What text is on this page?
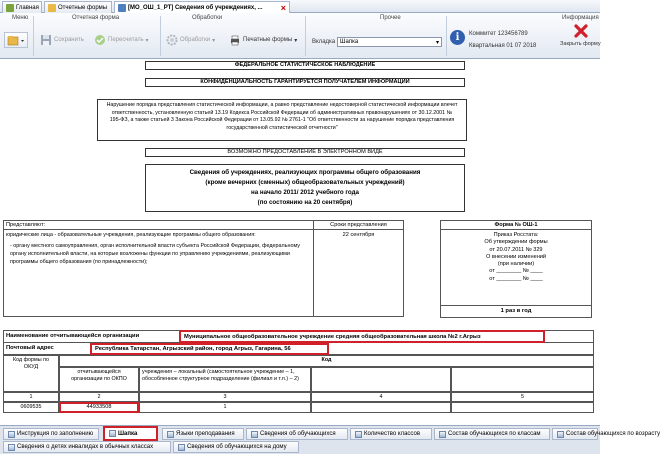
Главная	Отчетные формы	[МО_ОШ_1_РТ] Сведения об учреждениях, ...	×
Меню	Отчетная форма
Сохранить	Пересчитать ▾
Обработки
Обработки ▾	Печатные формы ▾
Прочее
Вкладка Шапка	▾
Информация
i	Коммитет 123456789
Квартальная 01 07 2018	Закрыть форму
ФЕДЕРАЛЬНОЕ СТАТИСТИЧЕСКОЕ НАБЛЮДЕНИЕ
КОНФИДЕНЦИАЛЬНОСТЬ ГАРАНТИРУЕТСЯ ПОЛУЧАТЕЛЕМ ИНФОРМАЦИИ
Нарушение порядка представления статистической информации, а равно представление недостоверной статистической информации влечет ответственность, установленную статьей 13.19 Кодекса Российской Федерации об административных правонарушениях от 30.12.2001 № 195-ФЗ, а также статьей 3 Закона Российской Федерации от 13.05.92 № 2761-1 "Об ответственности за нарушение порядка представления государственной статистической отчетности"
ВОЗМОЖНО ПРЕДОСТАВЛЕНИЕ В ЭЛЕКТРОННОМ ВИДЕ
Сведения об учреждениях, реализующих программы общего образования
(кроме вечерних (сменных) общеобразовательных учреждений)
на начало 2011/ 2012 учебного года
(по состоянию на 20 сентября)
Представляют:
юридические лица - образовательные учреждения, реализующие программы общего образования:
- органу местного самоуправления, орган исполнительной власти субъекта Российской Федерации, федеральному органу исполнительной власти, на которые возложены функции по управлению учреждениями, реализующими программы общего образования (по принадлежности);
Сроки представления
22 сентября
Форма № ОШ-1
Приказ Росстата:
Об утверждении формы
от 20.07.2011 № 329
О внесении изменений
(при наличии)
от ________ № ____
от ________ № ____
1 раз в год
Наименование отчитывающейся организации	Муниципальное общеобразовательное учреждение средняя общеобразовательная школа №2 г.Агрыз
Почтовый адрес	Республика Татарстан, Агрызский район, город Агрыз, Гагарина, 56
Код формы по ОКУД
Код
отчитывающейся организации по ОКПО
учреждения – локальный (самостоятельное учреждение – 1, обособленное структурное подразделение (филиал и т.п.) – 2)
1	2	3	4	5
0609535	44933508	1
Инструкция по заполнению	Шапка	Языки преподавания	Сведения об обучающихся	Количество классов	Состав обучающихся по классам	Состав обучающихся по возрасту
Сведения о детях инвалидах в обычных классах	Сведения об обучающихся на дому
